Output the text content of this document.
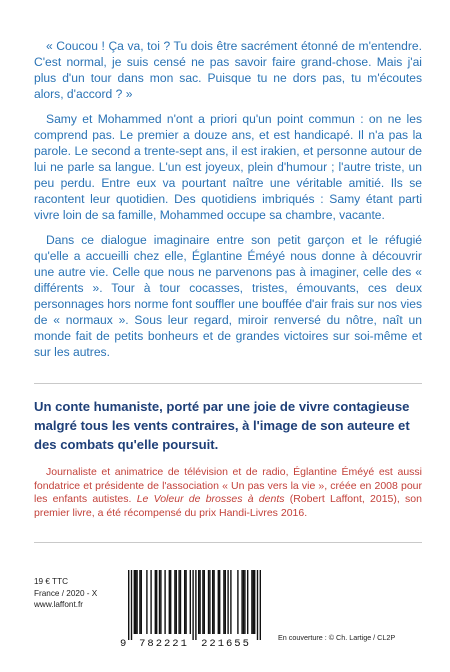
« Coucou ! Ça va, toi ? Tu dois être sacrément étonné de m'entendre. C'est normal, je suis censé ne pas savoir faire grand-chose. Mais j'ai plus d'un tour dans mon sac. Puisque tu ne dors pas, tu m'écoutes alors, d'accord ? »

Samy et Mohammed n'ont a priori qu'un point commun : on ne les comprend pas. Le premier a douze ans, et est handicapé. Il n'a pas la parole. Le second a trente-sept ans, il est irakien, et personne autour de lui ne parle sa langue. L'un est joyeux, plein d'humour ; l'autre triste, un peu perdu. Entre eux va pourtant naître une véritable amitié. Ils se racontent leur quotidien. Des quotidiens imbriqués : Samy étant parti vivre loin de sa famille, Mohammed occupe sa chambre, vacante.

Dans ce dialogue imaginaire entre son petit garçon et le réfugié qu'elle a accueilli chez elle, Églantine Éméyé nous donne à découvrir une autre vie. Celle que nous ne parvenons pas à imaginer, celle des « différents ». Tour à tour cocasses, tristes, émouvants, ces deux personnages hors norme font souffler une bouffée d'air frais sur nos vies de « normaux ». Sous leur regard, miroir renversé du nôtre, naît un monde fait de petits bonheurs et de grandes victoires sur soi-même et sur les autres.

Un conte humaniste, porté par une joie de vivre contagieuse malgré tous les vents contraires, à l'image de son auteure et des combats qu'elle poursuit.
Journaliste et animatrice de télévision et de radio, Églantine Éméyé est aussi fondatrice et présidente de l'association « Un pas vers la vie », créée en 2008 pour les enfants autistes. Le Voleur de brosses à dents (Robert Laffont, 2015), son premier livre, a été récompensé du prix Handi-Livres 2016.
19 € TTC
France / 2020 - X
www.laffont.fr
9 782221 221655
En couverture : © Ch. Lartige / CL2P
